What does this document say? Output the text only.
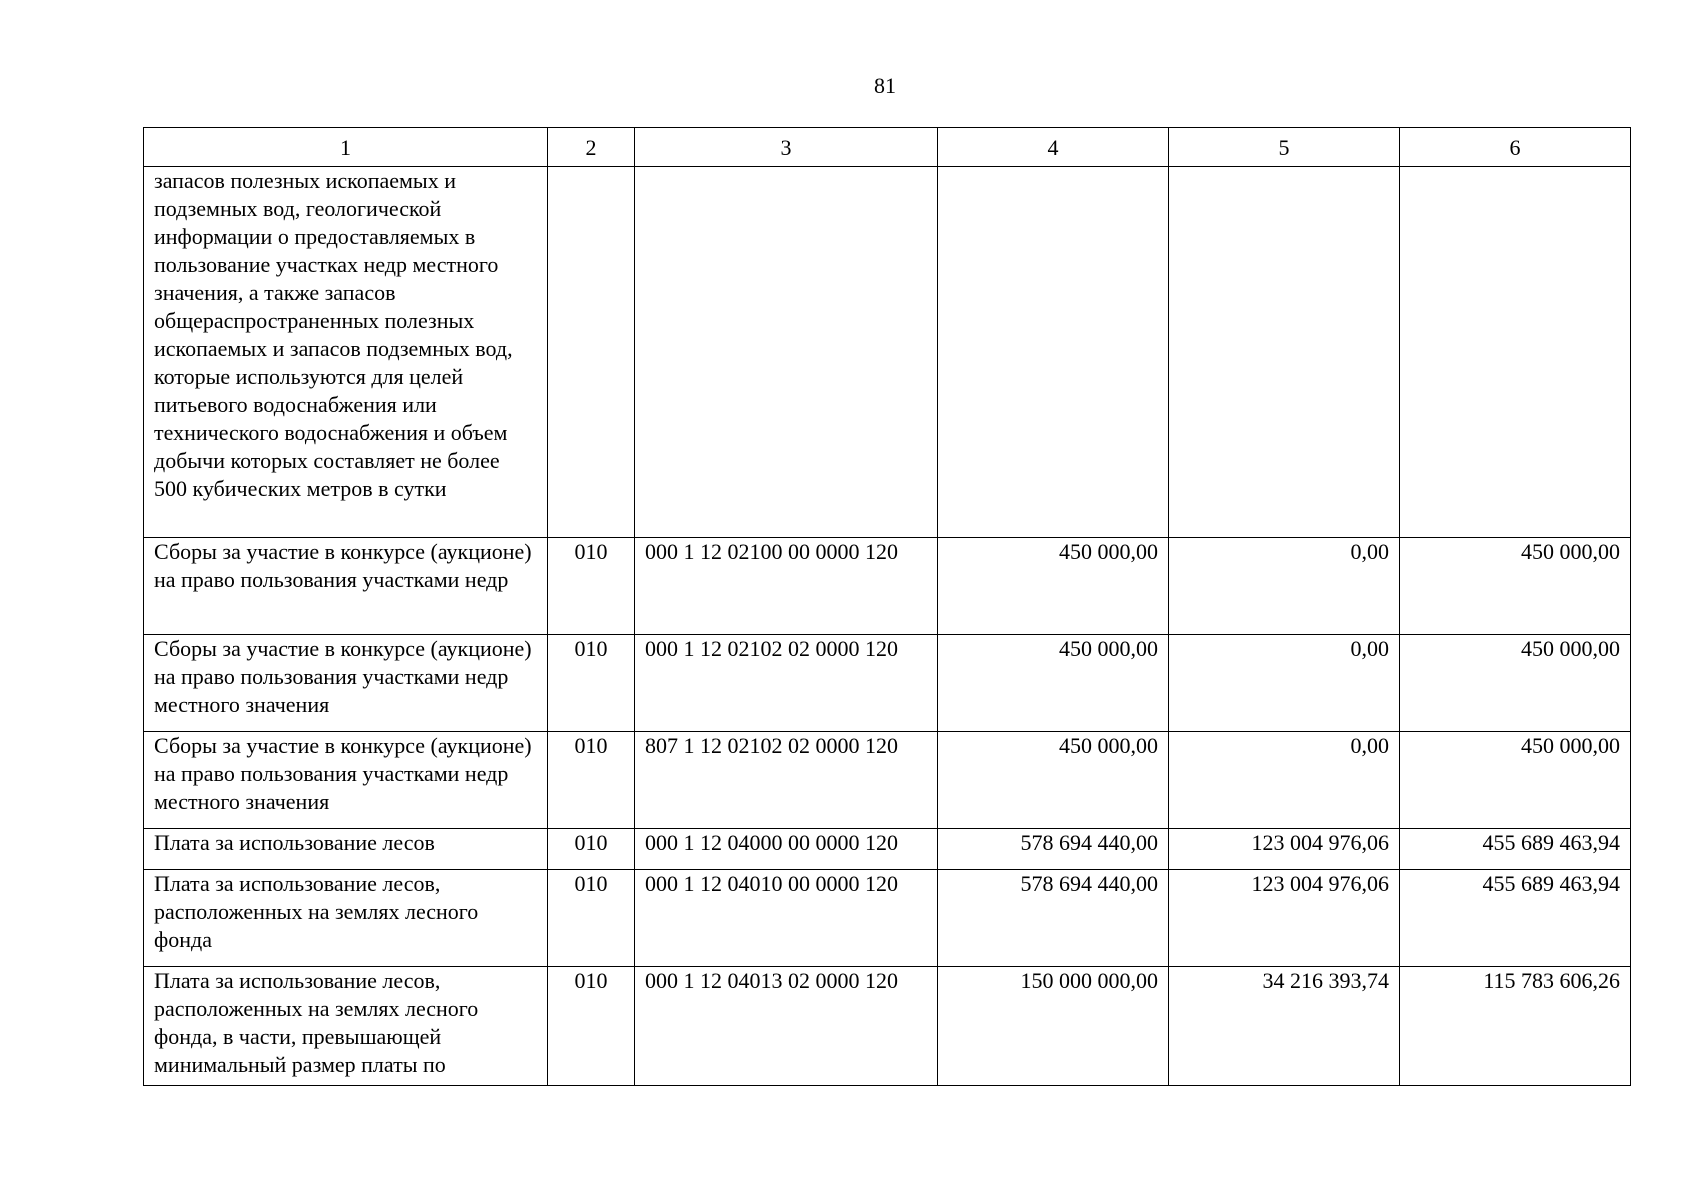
81
1	2	3	4	5	6
запасов полезных ископаемых и подземных вод, геологической информации о предоставляемых в пользование участках недр местного значения, а также запасов общераспространенных полезных ископаемых и запасов подземных вод, которые используются для целей питьевого водоснабжения или технического водоснабжения и объем добычи которых составляет не более 500 кубических метров в сутки					
Сборы за участие в конкурсе (аукционе) на право пользования участками недр	010	000 1 12 02100 00 0000 120	450 000,00	0,00	450 000,00
Сборы за участие в конкурсе (аукционе) на право пользования участками недр местного значения	010	000 1 12 02102 02 0000 120	450 000,00	0,00	450 000,00
Сборы за участие в конкурсе (аукционе) на право пользования участками недр местного значения	010	807 1 12 02102 02 0000 120	450 000,00	0,00	450 000,00
Плата за использование лесов	010	000 1 12 04000 00 0000 120	578 694 440,00	123 004 976,06	455 689 463,94
Плата за использование лесов, расположенных на землях лесного фонда	010	000 1 12 04010 00 0000 120	578 694 440,00	123 004 976,06	455 689 463,94
Плата за использование лесов, расположенных на землях лесного фонда, в части, превышающей минимальный размер платы по	010	000 1 12 04013 02 0000 120	150 000 000,00	34 216 393,74	115 783 606,26
